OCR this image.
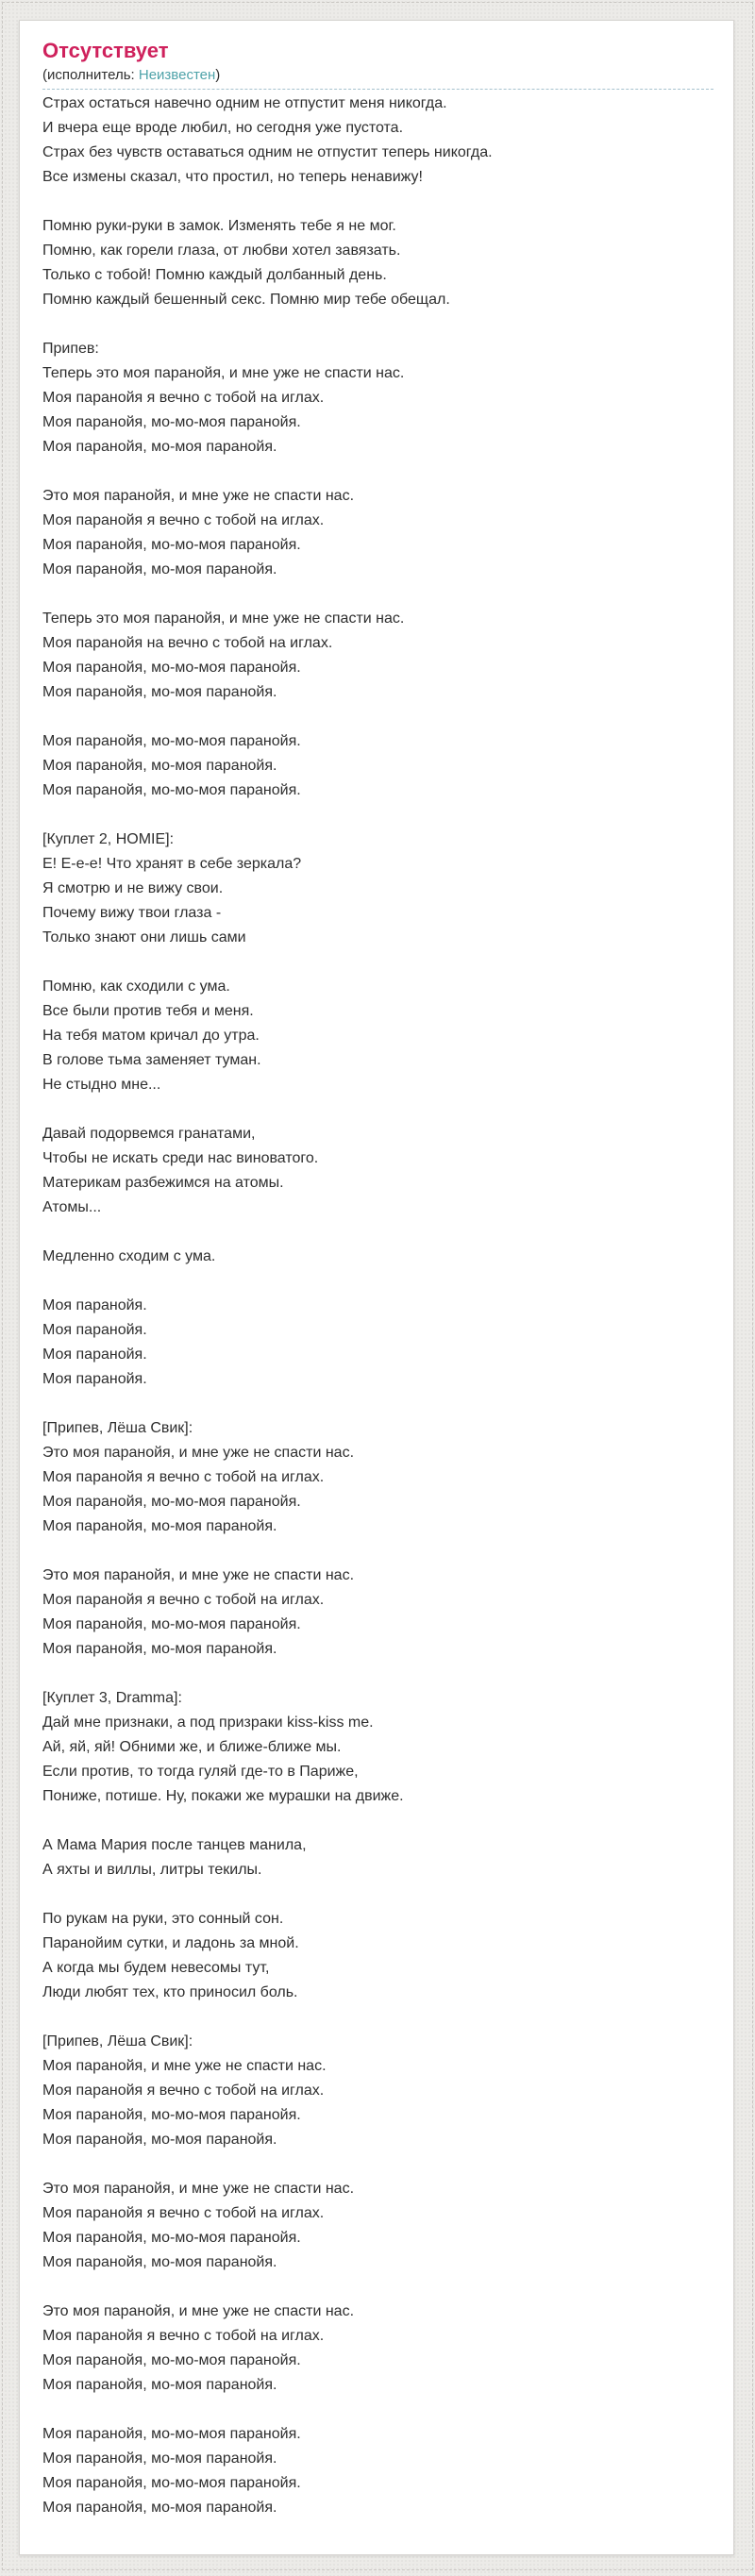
Отсутствует
(исполнитель: Неизвестен)
Страх остаться навечно одним не отпустит меня никогда.
И вчера еще вроде любил, но сегодня уже пустота.
Страх без чувств оставаться одним не отпустит теперь никогда.
Все измены сказал, что простил, но теперь ненавижу!
Помню руки-руки в замок. Изменять тебе я не мог.
Помню, как горели глаза, от любви хотел завязать.
Только с тобой! Помню каждый долбанный день.
Помню каждый бешенный секс. Помню мир тебе обещал.
Припев:
Теперь это моя паранойя, и мне уже не спасти нас.
Моя паранойя я вечно с тобой на иглах.
Моя паранойя, мо-мо-моя паранойя.
Моя паранойя, мо-моя паранойя.
Это моя паранойя, и мне уже не спасти нас.
Моя паранойя я вечно с тобой на иглах.
Моя паранойя, мо-мо-моя паранойя.
Моя паранойя, мо-моя паранойя.
Теперь это моя паранойя, и мне уже не спасти нас.
Моя паранойя на вечно с тобой на иглах.
Моя паранойя, мо-мо-моя паранойя.
Моя паранойя, мо-моя паранойя.
Моя паранойя, мо-мо-моя паранойя.
Моя паранойя, мо-моя паранойя.
Моя паранойя, мо-мо-моя паранойя.
[Куплет 2, HOMIE]:
Е! Е-е-е! Что хранят в себе зеркала?
Я смотрю и не вижу свои.
Почему вижу твои глаза -
Только знают они лишь сами
Помню, как сходили с ума.
Все были против тебя и меня.
На тебя матом кричал до утра.
В голове тьма заменяет туман.
Не стыдно мне...
Давай подорвемся гранатами,
Чтобы не искать среди нас виноватого.
Материкам разбежимся на атомы.
Атомы...
Медленно сходим с ума.
Моя паранойя.
Моя паранойя.
Моя паранойя.
Моя паранойя.
[Припев, Лёша Свик]:
Это моя паранойя, и мне уже не спасти нас.
Моя паранойя я вечно с тобой на иглах.
Моя паранойя, мо-мо-моя паранойя.
Моя паранойя, мо-моя паранойя.
Это моя паранойя, и мне уже не спасти нас.
Моя паранойя я вечно с тобой на иглах.
Моя паранойя, мо-мо-моя паранойя.
Моя паранойя, мо-моя паранойя.
[Куплет 3, Dramma]:
Дай мне признаки, а под призраки kiss-kiss me.
Ай, яй, яй! Обними же, и ближе-ближе мы.
Если против, то тогда гуляй где-то в Париже,
Пониже, потише. Ну, покажи же мурашки на движе.
А Мама Мария после танцев манила,
А яхты и виллы, литры текилы.
По рукам на руки, это сонный сон.
Паранойим сутки, и ладонь за мной.
А когда мы будем невесомы тут,
Люди любят тех, кто приносил боль.
[Припев, Лёша Свик]:
Моя паранойя, и мне уже не спасти нас.
Моя паранойя я вечно с тобой на иглах.
Моя паранойя, мо-мо-моя паранойя.
Моя паранойя, мо-моя паранойя.
Это моя паранойя, и мне уже не спасти нас.
Моя паранойя я вечно с тобой на иглах.
Моя паранойя, мо-мо-моя паранойя.
Моя паранойя, мо-моя паранойя.
Это моя паранойя, и мне уже не спасти нас.
Моя паранойя я вечно с тобой на иглах.
Моя паранойя, мо-мо-моя паранойя.
Моя паранойя, мо-моя паранойя.
Моя паранойя, мо-мо-моя паранойя.
Моя паранойя, мо-моя паранойя.
Моя паранойя, мо-мо-моя паранойя.
Моя паранойя, мо-моя паранойя.
